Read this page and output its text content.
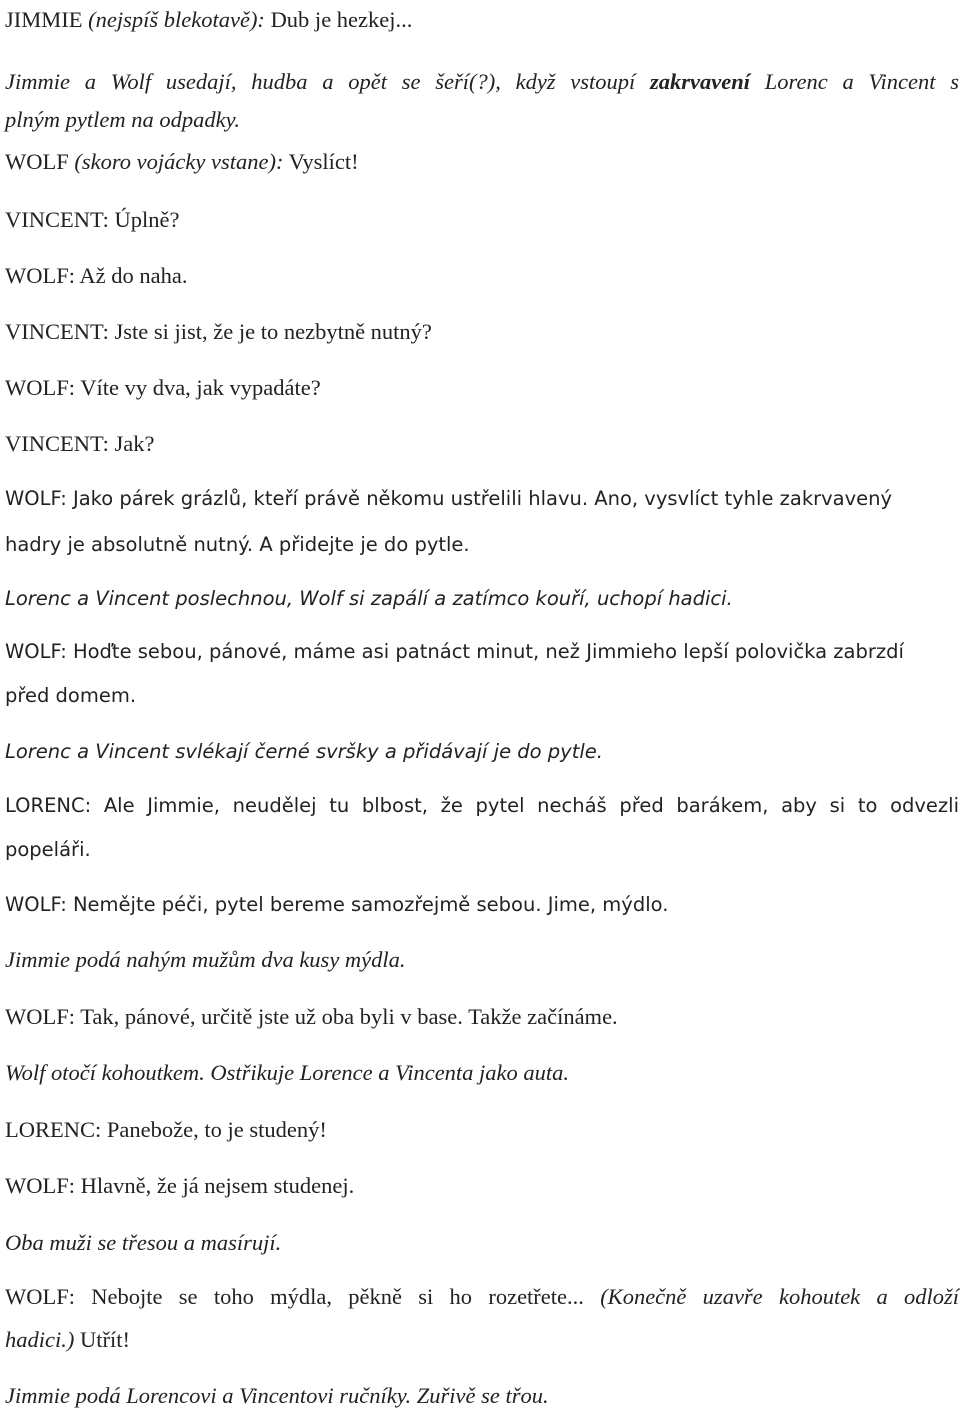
JIMMIE (nejspíš blekotavě): Dub je hezkej...

Jimmie a Wolf usedají, hudba a opět se šeří(?), když vstoupí zakrvavení Lorenc a Vincent s
plným pytlem na odpadky.

WOLF (skoro vojácky vstane): Vyslíct!

VINCENT: Úplně?

WOLF: Až do naha.

VINCENT: Jste si jist, že je to nezbytně nutný?

WOLF: Víte vy dva, jak vypadáte?

VINCENT: Jak?

WOLF: Jako párek grázlů, kteří právě někomu ustřelili hlavu. Ano, vysvlíct tyhle zakrvavený
hadry je absolutně nutný. A přidejte je do pytle.

Lorenc a Vincent poslechnou, Wolf si zapálí a zatímco kouří, uchopí hadici.

WOLF: Hoďte sebou, pánové, máme asi patnáct minut, než Jimmieho lepší polovička zabrzdí
před domem.

Lorenc a Vincent svlékají černé svršky a přidávají je do pytle.

LORENC: Ale Jimmie, neudělej tu blbost, že pytel necháš před barákem, aby si to odvezli
popeláři.

WOLF: Nemějte péči, pytel bereme samozřejmě sebou. Jime, mýdlo.

Jimmie podá nahým mužům dva kusy mýdla.

WOLF: Tak, pánové, určitě jste už oba byli v base. Takže začínáme.

Wolf otočí kohoutkem. Ostřikuje Lorence a Vincenta jako auta.

LORENC: Panebože, to je studený!

WOLF: Hlavně, že já nejsem studenej.

Oba muži se třesou a masírují.

WOLF: Nebojte se toho mýdla, pěkně si ho rozetřete... (Konečně uzavře kohoutek a odloží
hadici.) Utřít!

Jimmie podá Lorencovi a Vincentovi ručníky. Zuřivě se třou.
